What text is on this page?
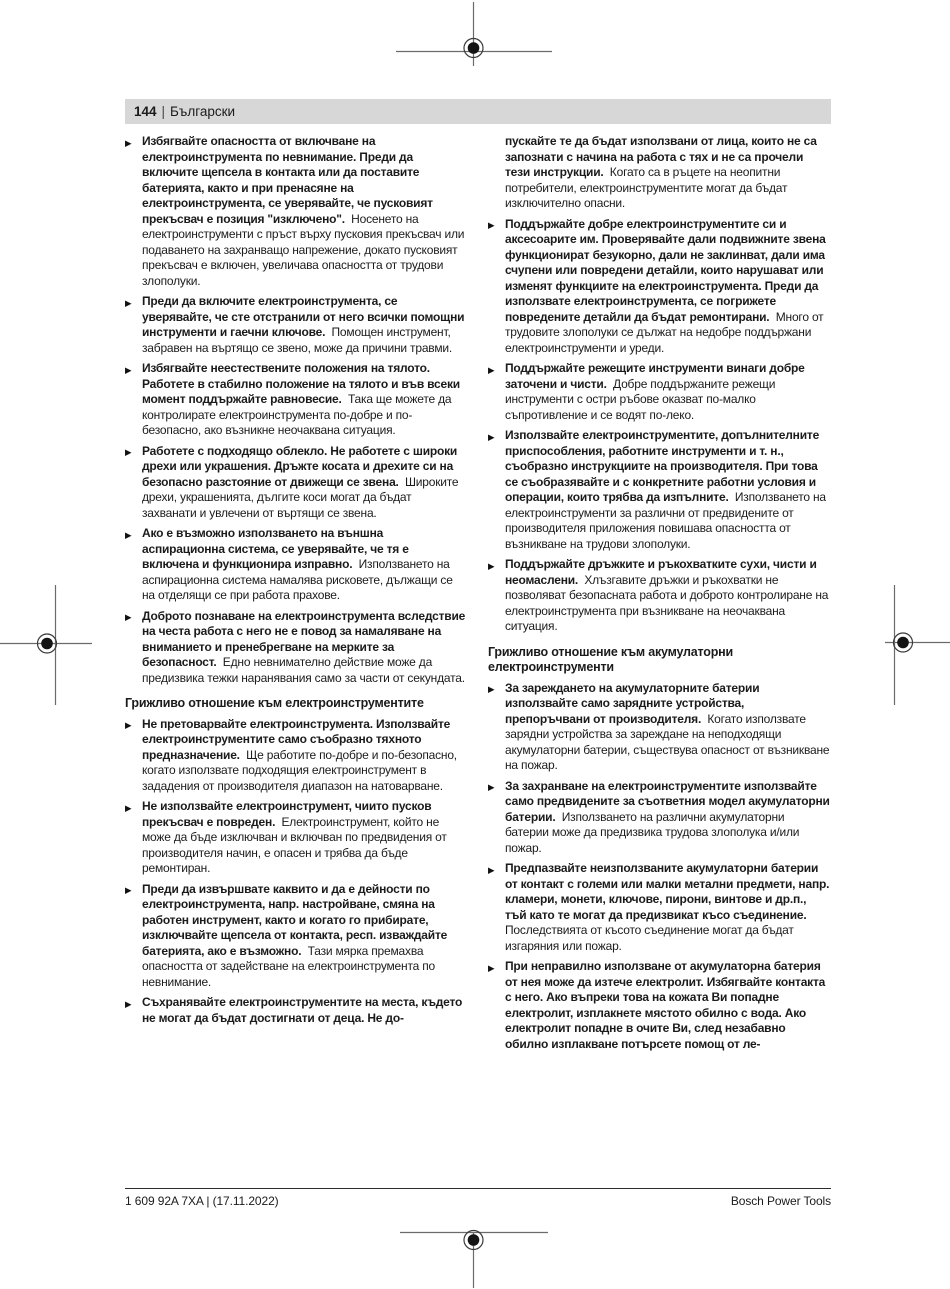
144 | Български
▶ Избягвайте опасността от включване на електроинструмента по невнимание. Преди да включите щепсела в контакта или да поставите батерията, както и при пренасяне на електроинструмента, се уверявайте, че пусковият прекъсвач е позиция "изключено".  Носенето на електроинструменти с пръст върху пусковия прекъсвач или подаването на захранващо напрежение, докато пусковият прекъсвач е включен, увеличава опасността от трудови злополуки.
▶ Преди да включите електроинструмента, се уверявайте, че сте отстранили от него всички помощни инструменти и гаечни ключове.  Помощен инструмент, забравен на въртящо се звено, може да причини травми.
▶ Избягвайте неестествените положения на тялото. Работете в стабилно положение на тялото и във всеки момент поддържайте равновесие.  Така ще можете да контролирате електроинструмента по-добре и по-безопасно, ако възникне неочаквана ситуация.
▶ Работете с подходящо облекло. Не работете с широки дрехи или украшения. Дръжте косата и дрехите си на безопасно разстояние от движещи се звена.  Широките дрехи, украшенията, дългите коси могат да бъдат захванати и увлечени от въртящи се звена.
▶ Ако е възможно използването на външна аспирационна система, се уверявайте, че тя е включена и функционира изправно.  Използването на аспирационна система намалява рисковете, дължащи се на отделящи се при работа прахове.
▶ Доброто познаване на електроинструмента вследствие на честа работа с него не е повод за намаляване на вниманието и пренебрегване на мерките за безопасност.  Едно невнимателно действие може да предизвика тежки наранявания само за части от секундата.
Грижливо отношение към електроинструментите
▶ Не претоварвайте електроинструмента. Използвайте електроинструментите само съобразно тяхното предназначение.  Ще работите по-добре и по-безопасно, когато използвате подходящия електроинструмент в зададения от производителя диапазон на натоварване.
▶ Не използвайте електроинструмент, чиито пусков прекъсвач е повреден.  Електроинструмент, който не може да бъде изключван и включван по предвидения от производителя начин, е опасен и трябва да бъде ремонтиран.
▶ Преди да извършвате каквито и да е дейности по електроинструмента, напр. настройване, смяна на работен инструмент, както и когато го прибирате, изключвайте щепсела от контакта, респ. изваждайте батерията, ако е възможно.  Тази мярка премахва опасността от задействане на електроинструмента по невнимание.
▶ Съхранявайте електроинструментите на места, където не могат да бъдат достигнати от деца. Не до-
пускайте те да бъдат използвани от лица, които не са запознати с начина на работа с тях и не са прочели тези инструкции.  Когато са в ръцете на неопитни потребители, електроинструментите могат да бъдат изключително опасни.
▶ Поддържайте добре електроинструментите си и аксесоарите им. Проверявайте дали подвижните звена функционират безукорно, дали не заклинват, дали има счупени или повредени детайли, които нарушават или изменят функциите на електроинструмента. Преди да използвате електроинструмента, се погрижете повредените детайли да бъдат ремонтирани.  Много от трудовите злополуки се дължат на недобре поддържани електроинструменти и уреди.
▶ Поддържайте режещите инструменти винаги добре заточени и чисти.  Добре поддържаните режещи инструменти с остри ръбове оказват по-малко съпротивление и се водят по-леко.
▶ Използвайте електроинструментите, допълнителните приспособления, работните инструменти и т. н., съобразно инструкциите на производителя. При това се съобразявайте и с конкретните работни условия и операции, които трябва да изпълните.  Използването на електроинструменти за различни от предвидените от производителя приложения повишава опасността от възникване на трудови злополуки.
▶ Поддържайте дръжките и ръкохватките сухи, чисти и неомаслени.  Хлъзгавите дръжки и ръкохватки не позволяват безопасната работа и доброто контролиране на електроинструмента при възникване на неочаквана ситуация.
Грижливо отношение към акумулаторни електроинструменти
▶ За зареждането на акумулаторните батерии използвайте само зарядните устройства, препоръчвани от производителя.  Когато използвате зарядни устройства за зареждане на неподходящи акумулаторни батерии, съществува опасност от възникване на пожар.
▶ За захранване на електроинструментите използвайте само предвидените за съответния модел акумулаторни батерии.  Използването на различни акумулаторни батерии може да предизвика трудова злополука и/или пожар.
▶ Предпазвайте неизползваните акумулаторни батерии от контакт с големи или малки метални предмети, напр. кламери, монети, ключове, пирони, винтове и др.п., тъй като те могат да предизвикат късо съединение.  Последствията от късото съединение могат да бъдат изгаряния или пожар.
▶ При неправилно използване от акумулаторна батерия от нея може да изтече електролит. Избягвайте контакта с него. Ако въпреки това на кожата Ви попадне електролит, изплакнете мястото обилно с вода. Ако електролит попадне в очите Ви, след незабавно обилно изплакване потърсете помощ от ле-
1 609 92A 7XA | (17.11.2022)	Bosch Power Tools
